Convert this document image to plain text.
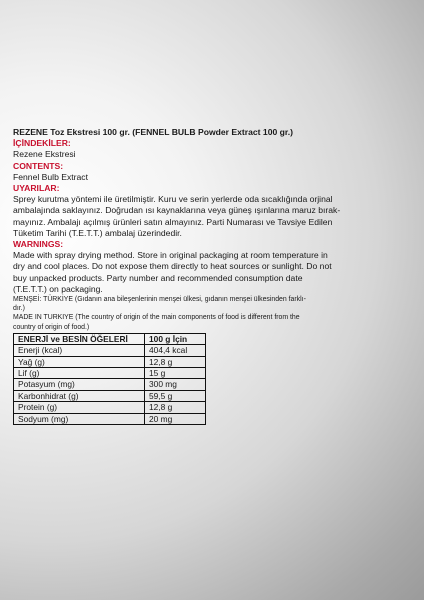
REZENE Toz Ekstresi 100 gr. (FENNEL BULB Powder Extract 100 gr.)

İÇİNDEKİLER:

Rezene Ekstresi

CONTENTS:

Fennel Bulb Extract

UYARILAR:

Sprey kurutma yöntemi ile üretilmiştir. Kuru ve serin yerlerde oda sıcaklığında orjinal

ambalajında saklayınız. Doğrudan ısı kaynaklarına veya güneş ışınlarına maruz bırak-

mayınız. Ambalajı açılmış ürünleri satın almayınız. Parti Numarası ve Tavsiye Edilen

Tüketim Tarihi (T.E.T.T.) ambalaj üzerindedir.

WARNINGS:

Made with spray drying method. Store in original packaging at room temperature in

dry and cool places. Do not expose them directly to heat sources or sunlight. Do not

buy unpacked products. Party number and recommended consumption date

(T.E.T.T.) on packaging.

MENŞEİ: TÜRKİYE (Gıdanın ana bileşenlerinin menşei ülkesi, gıdanın menşei ülkesinden farklı-

dır.)

MADE IN TURKIYE (The country of origin of the main components of food is different from the

country of origin of food.)

ENERJİ ve BESİN ÖĞELERİ	100 g İçin
Enerji (kcal)	404,4 kcal
Yağ (g)	12,8 g
Lif (g)	15 g
Potasyum (mg)	300 mg
Karbonhidrat (g)	59,5 g
Protein (g)	12,8 g
Sodyum (mg)	20 mg
